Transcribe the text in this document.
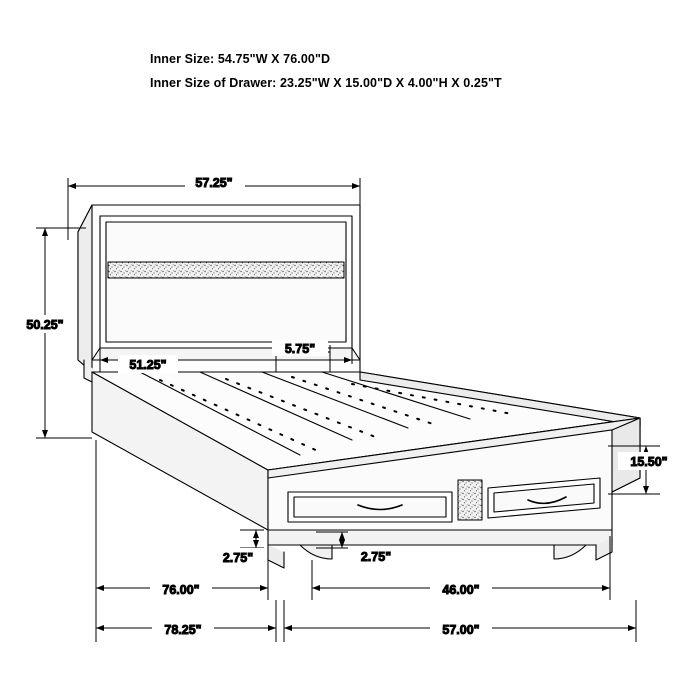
Inner Size: 54.75"W X 76.00"D
Inner Size of Drawer: 23.25"W X 15.00"D X 4.00"H X 0.25"T
57.25"
50.25"
51.25"
5.75"
15.50"
2.75"	2.75"
76.00"	46.00"
78.25"	57.00"
